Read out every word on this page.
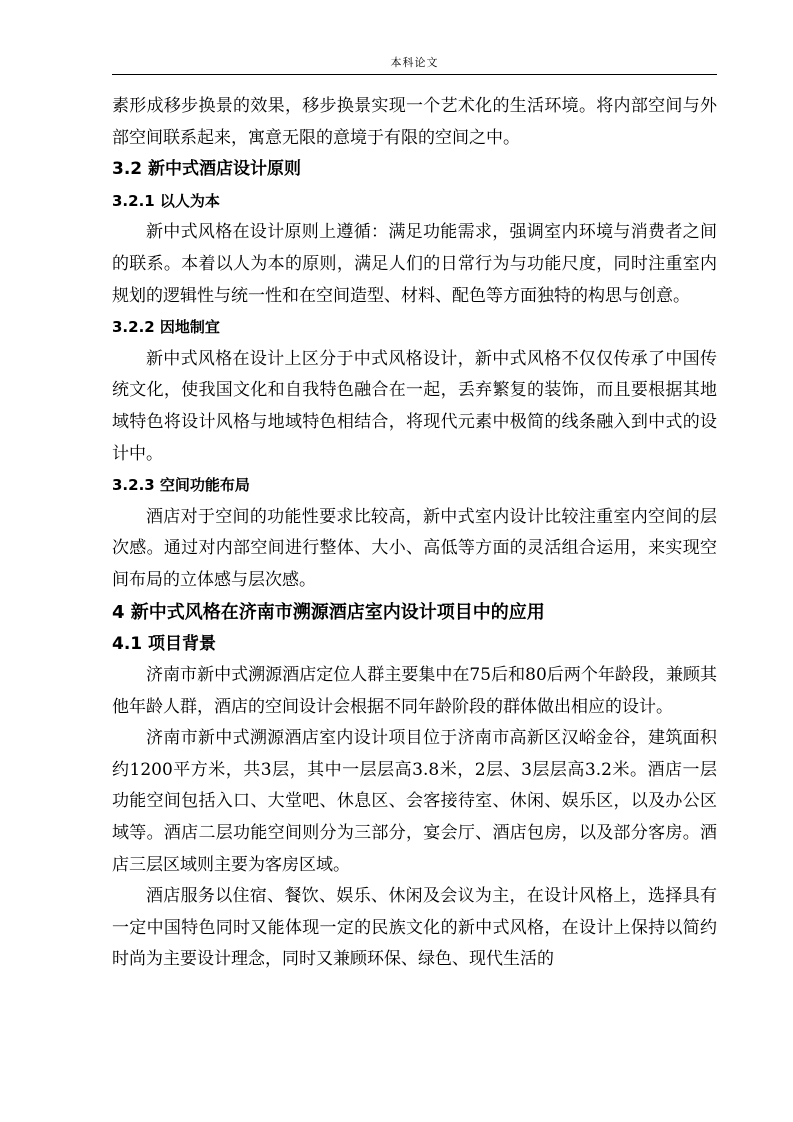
本科论文

素形成移步换景的效果，移步换景实现一个艺术化的生活环境。将内部空间与外部空间联系起来，寓意无限的意境于有限的空间之中。

3.2 新中式酒店设计原则
3.2.1 以人为本

新中式风格在设计原则上遵循：满足功能需求，强调室内环境与消费者之间的联系。本着以人为本的原则，满足人们的日常行为与功能尺度，同时注重室内规划的逻辑性与统一性和在空间造型、材料、配色等方面独特的构思与创意。

3.2.2 因地制宜

新中式风格在设计上区分于中式风格设计，新中式风格不仅仅传承了中国传统文化，使我国文化和自我特色融合在一起，丢弃繁复的装饰，而且要根据其地域特色将设计风格与地域特色相结合，将现代元素中极简的线条融入到中式的设计中。

3.2.3 空间功能布局

酒店对于空间的功能性要求比较高，新中式室内设计比较注重室内空间的层次感。通过对内部空间进行整体、大小、高低等方面的灵活组合运用，来实现空间布局的立体感与层次感。

4 新中式风格在济南市溯源酒店室内设计项目中的应用
4.1 项目背景

济南市新中式溯源酒店定位人群主要集中在75后和80后两个年龄段，兼顾其他年龄人群，酒店的空间设计会根据不同年龄阶段的群体做出相应的设计。

济南市新中式溯源酒店室内设计项目位于济南市高新区汉峪金谷，建筑面积约1200平方米，共3层，其中一层层高3.8米，2层、3层层高3.2米。酒店一层功能空间包括入口、大堂吧、休息区、会客接待室、休闲、娱乐区，以及办公区域等。酒店二层功能空间则分为三部分，宴会厅、酒店包房，以及部分客房。酒店三层区域则主要为客房区域。

酒店服务以住宿、餐饮、娱乐、休闲及会议为主，在设计风格上，选择具有一定中国特色同时又能体现一定的民族文化的新中式风格，在设计上保持以简约时尚为主要设计理念，同时又兼顾环保、绿色、现代生活的
